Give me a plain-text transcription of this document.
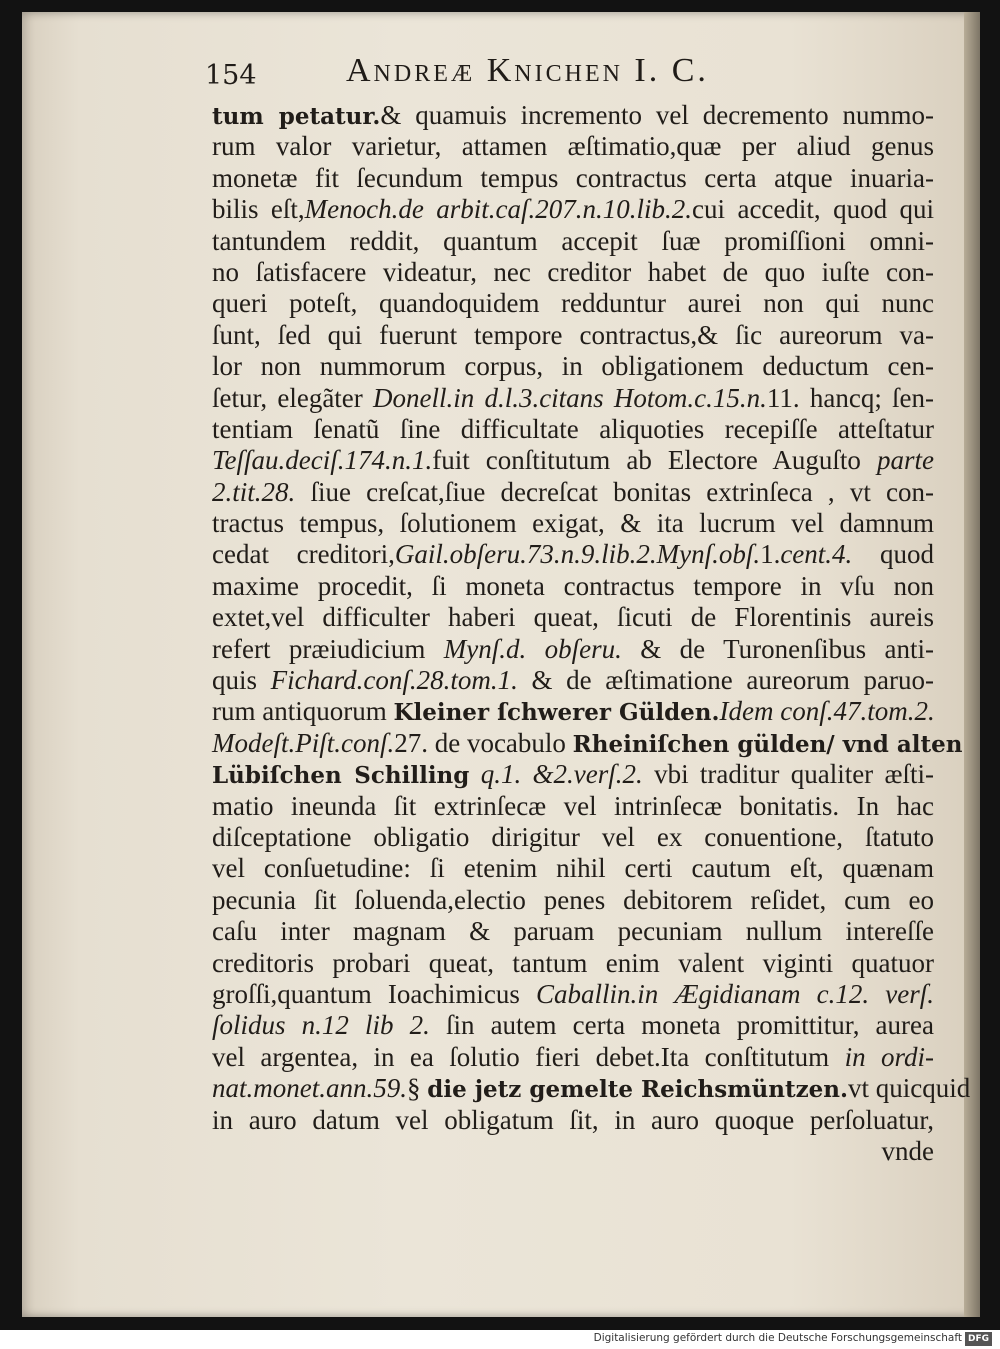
154	Andreæ Knichen I. C.
tum petatur.& quamuis incremento vel decremento nummo-
rum valor varietur, attamen æſtimatio,quæ per aliud genus
monetæ fit ſecundum tempus contractus certa atque inuaria-
bilis eſt,Menoch.de arbit.caſ.207.n.10.lib.2.cui accedit, quod qui
tantundem reddit, quantum accepit ſuæ promiſſioni omni-
no ſatisfacere videatur, nec creditor habet de quo iuſte con-
queri poteſt, quandoquidem redduntur aurei non qui nunc
ſunt, ſed qui fuerunt tempore contractus,& ſic aureorum va-
lor non nummorum corpus, in obligationem deductum cen-
ſetur, elegãter Donell.in d.l.3.citans Hotom.c.15.n.11. hancq; ſen-
tentiam ſenatũ ſine difficultate aliquoties recepiſſe atteſtatur
Teſſau.deciſ.174.n.1.fuit conſtitutum ab Electore Auguſto parte
2.tit.28. ſiue creſcat,ſiue decreſcat bonitas extrinſeca , vt con-
tractus tempus, ſolutionem exigat, & ita lucrum vel damnum
cedat creditori,Gail.obſeru.73.n.9.lib.2.Mynſ.obſ.1.cent.4. quod
maxime procedit, ſi moneta contractus tempore in vſu non
extet,vel difficulter haberi queat, ſicuti de Florentinis aureis
refert præiudicium Mynſ.d. obſeru. & de Turonenſibus anti-
quis Fichard.conſ.28.tom.1. & de æſtimatione aureorum paruo-
rum antiquorum Kleiner ſchwerer Gülden.Idem conſ.47.tom.2.
Modeſt.Piſt.conſ.27. de vocabulo Rheiniſchen gülden/ vnd alten
Lübiſchen Schilling q.1. &2.verſ.2. vbi traditur qualiter æſti-
matio ineunda ſit extrinſecæ vel intrinſecæ bonitatis. In hac
diſceptatione obligatio dirigitur vel ex conuentione, ſtatuto
vel conſuetudine: ſi etenim nihil certi cautum eſt, quænam
pecunia ſit ſoluenda,electio penes debitorem reſidet, cum eo
caſu inter magnam & paruam pecuniam nullum intereſſe
creditoris probari queat, tantum enim valent viginti quatuor
groſſi,quantum Ioachimicus Caballin.in Ægidianam c.12. verſ.
ſolidus n.12 lib 2. ſin autem certa moneta promittitur, aurea
vel argentea, in ea ſolutio fieri debet.Ita conſtitutum in ordi-
nat.monet.ann.59.§ die jetz gemelte Reichsmüntzen.vt quicquid
in auro datum vel obligatum ſit, in auro quoque perſoluatur,
vnde
Digitalisierung gefördert durch die Deutsche Forschungsgemeinschaft DFG
